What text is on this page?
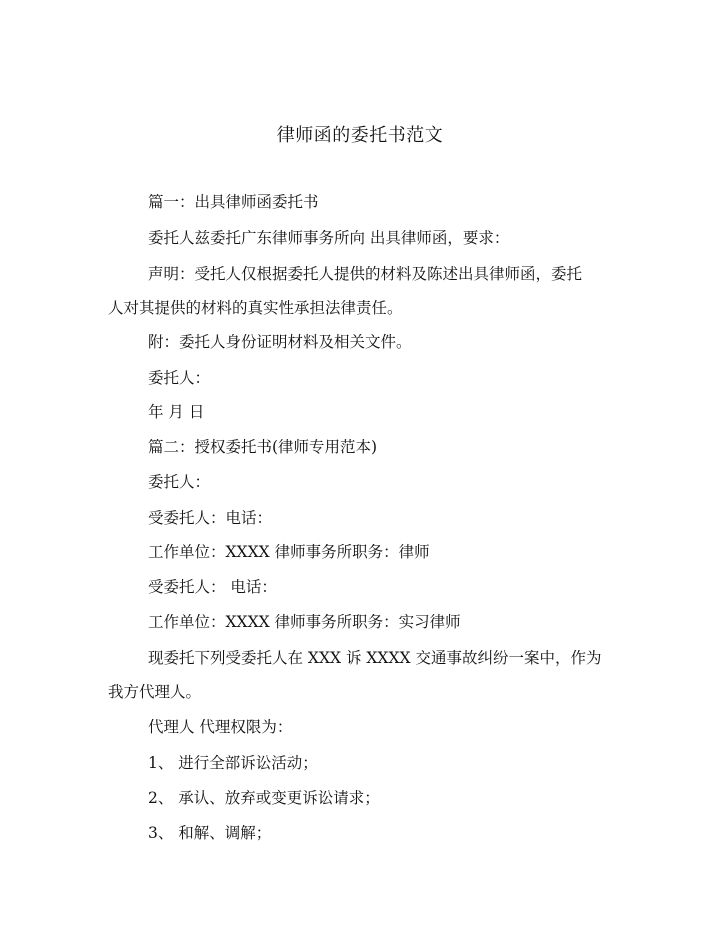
律师函的委托书范文
篇一：出具律师函委托书
委托人兹委托广东律师事务所向 出具律师函，要求：
声明：受托人仅根据委托人提供的材料及陈述出具律师函，委托
人对其提供的材料的真实性承担法律责任。
附：委托人身份证明材料及相关文件。
委托人：
年 月 日
篇二：授权委托书(律师专用范本)
委托人：
受委托人：电话：
工作单位：XXXX 律师事务所职务：律师
受委托人： 电话：
工作单位：XXXX 律师事务所职务：实习律师
现委托下列受委托人在 XXX 诉 XXXX 交通事故纠纷一案中，作为
我方代理人。
代理人 代理权限为：
1、 进行全部诉讼活动；
2、 承认、放弃或变更诉讼请求；
3、 和解、调解；
